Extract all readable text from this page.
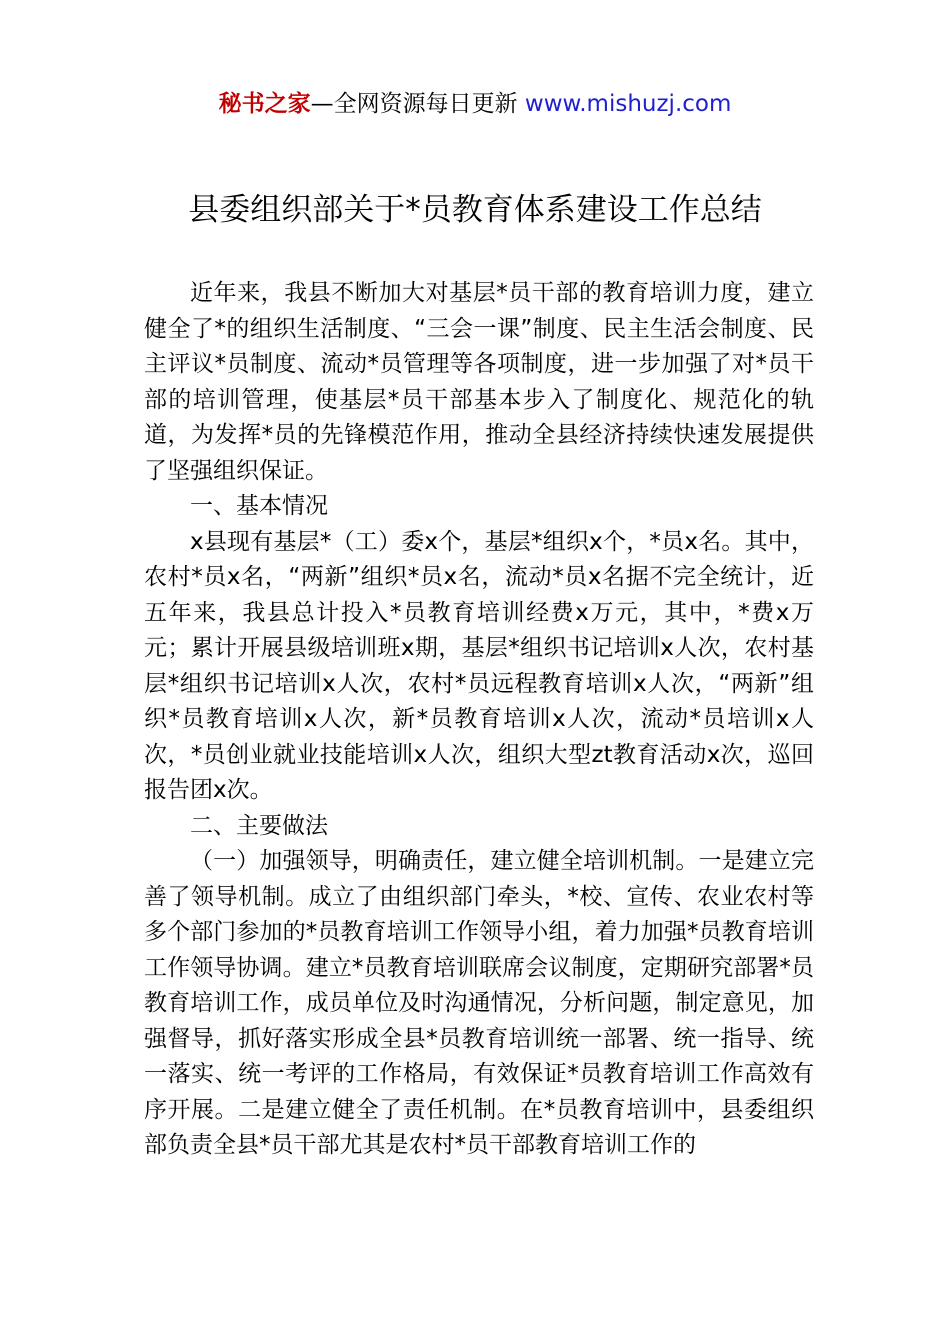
秘书之家—全网资源每日更新 www.mishuzj.com
县委组织部关于*员教育体系建设工作总结

近年来，我县不断加大对基层*员干部的教育培训力度，建立健全了*的组织生活制度、“三会一课”制度、民主生活会制度、民主评议*员制度、流动*员管理等各项制度，进一步加强了对*员干部的培训管理，使基层*员干部基本步入了制度化、规范化的轨道，为发挥*员的先锋模范作用，推动全县经济持续快速发展提供了坚强组织保证。

一、基本情况

x县现有基层*（工）委x个，基层*组织x个，*员x名。其中，农村*员x名，“两新”组织*员x名，流动*员x名据不完全统计，近五年来，我县总计投入*员教育培训经费x万元，其中，*费x万元；累计开展县级培训班x期，基层*组织书记培训x人次，农村基层*组织书记培训x人次，农村*员远程教育培训x人次，“两新”组织*员教育培训x人次，新*员教育培训x人次，流动*员培训x人次，*员创业就业技能培训x人次，组织大型zt教育活动x次，巡回报告团x次。

二、主要做法

（一）加强领导，明确责任，建立健全培训机制。一是建立完善了领导机制。成立了由组织部门牵头，*校、宣传、农业农村等多个部门参加的*员教育培训工作领导小组，着力加强*员教育培训工作领导协调。建立*员教育培训联席会议制度，定期研究部署*员教育培训工作，成员单位及时沟通情况，分析问题，制定意见，加强督导，抓好落实形成全县*员教育培训统一部署、统一指导、统一落实、统一考评的工作格局，有效保证*员教育培训工作高效有序开展。二是建立健全了责任机制。在*员教育培训中，县委组织部负责全县*员干部尤其是农村*员干部教育培训工作的
